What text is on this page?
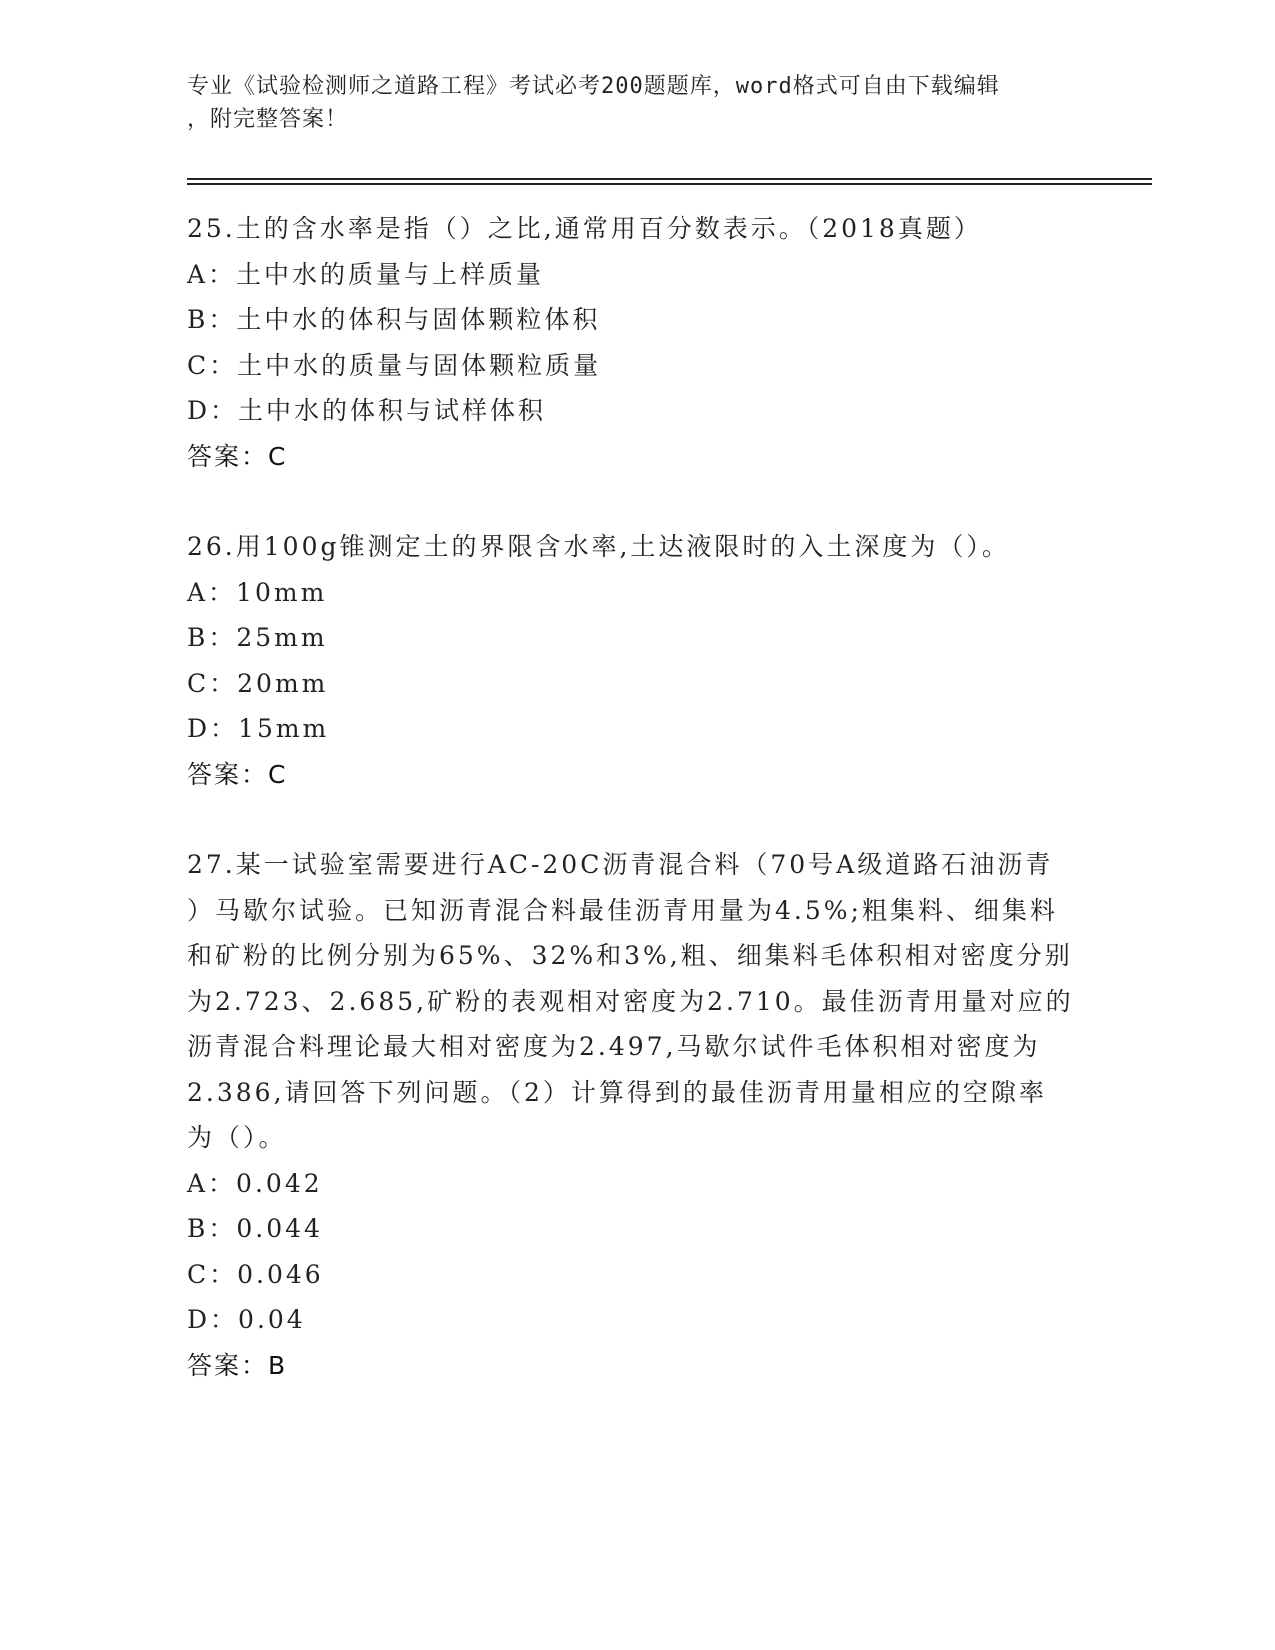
专业《试验检测师之道路工程》考试必考200题题库，word格式可自由下载编辑
，附完整答案！
25.土的含水率是指（）之比,通常用百分数表示。（2018真题）
A：土中水的质量与上样质量
B：土中水的体积与固体颗粒体积
C：土中水的质量与固体颗粒质量
D：土中水的体积与试样体积
答案：C
26.用100g锥测定土的界限含水率,土达液限时的入土深度为（）。
A：10mm
B：25mm
C：20mm
D：15mm
答案：C
27.某一试验室需要进行AC-20C沥青混合料（70号A级道路石油沥青
）马歇尔试验。已知沥青混合料最佳沥青用量为4.5%;粗集料、细集料
和矿粉的比例分别为65%、32%和3%,粗、细集料毛体积相对密度分别
为2.723、2.685,矿粉的表观相对密度为2.710。最佳沥青用量对应的
沥青混合料理论最大相对密度为2.497,马歇尔试件毛体积相对密度为
2.386,请回答下列问题。（2）计算得到的最佳沥青用量相应的空隙率
为（）。
A：0.042
B：0.044
C：0.046
D：0.04
答案：B
